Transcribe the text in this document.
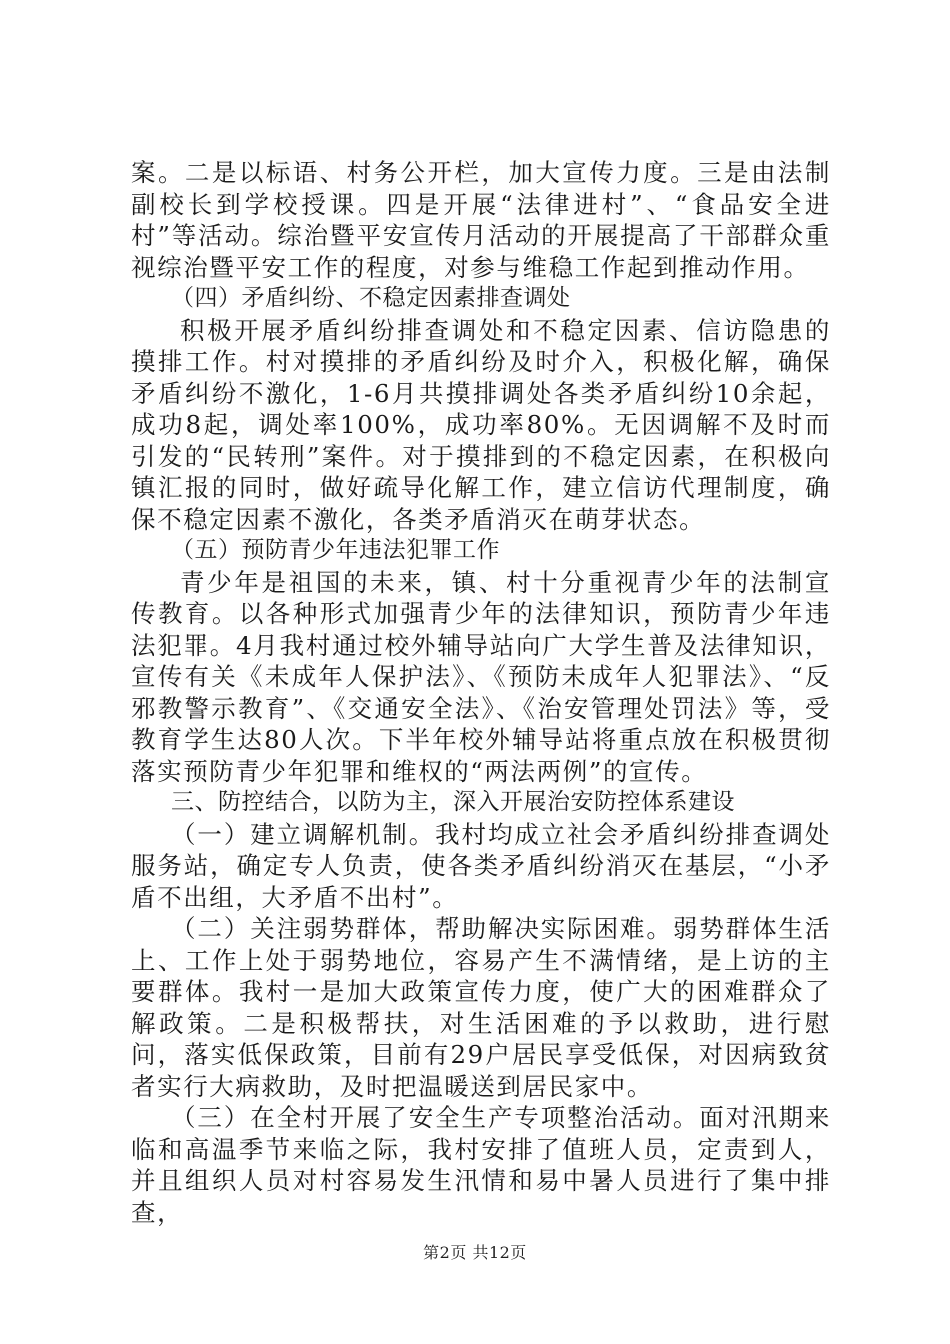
案。二是以标语、村务公开栏，加大宣传力度。三是由法制副校长到学校授课。四是开展“法律进村”、“食品安全进村”等活动。综治暨平安宣传月活动的开展提高了干部群众重视综治暨平安工作的程度，对参与维稳工作起到推动作用。

（四）矛盾纠纷、不稳定因素排查调处

积极开展矛盾纠纷排查调处和不稳定因素、信访隐患的摸排工作。村对摸排的矛盾纠纷及时介入，积极化解，确保矛盾纠纷不激化，1-6月共摸排调处各类矛盾纠纷10余起，成功8起，调处率100%，成功率80%。无因调解不及时而引发的“民转刑”案件。对于摸排到的不稳定因素，在积极向镇汇报的同时，做好疏导化解工作，建立信访代理制度，确保不稳定因素不激化，各类矛盾消灭在萌芽状态。

（五）预防青少年违法犯罪工作

青少年是祖国的未来，镇、村十分重视青少年的法制宣传教育。以各种形式加强青少年的法律知识，预防青少年违法犯罪。4月我村通过校外辅导站向广大学生普及法律知识，宣传有关《未成年人保护法》、《预防未成年人犯罪法》、“反邪教警示教育”、《交通安全法》、《治安管理处罚法》等，受教育学生达80人次。下半年校外辅导站将重点放在积极贯彻落实预防青少年犯罪和维权的“两法两例”的宣传。

三、防控结合，以防为主，深入开展治安防控体系建设

（一）建立调解机制。我村均成立社会矛盾纠纷排查调处服务站，确定专人负责，使各类矛盾纠纷消灭在基层，“小矛盾不出组，大矛盾不出村”。

（二）关注弱势群体，帮助解决实际困难。弱势群体生活上、工作上处于弱势地位，容易产生不满情绪，是上访的主要群体。我村一是加大政策宣传力度，使广大的困难群众了解政策。二是积极帮扶，对生活困难的予以救助，进行慰问，落实低保政策，目前有29户居民享受低保，对因病致贫者实行大病救助，及时把温暖送到居民家中。

（三）在全村开展了安全生产专项整治活动。面对汛期来临和高温季节来临之际，我村安排了值班人员，定责到人，并且组织人员对村容易发生汛情和易中暑人员进行了集中排查，

第2页 共12页
